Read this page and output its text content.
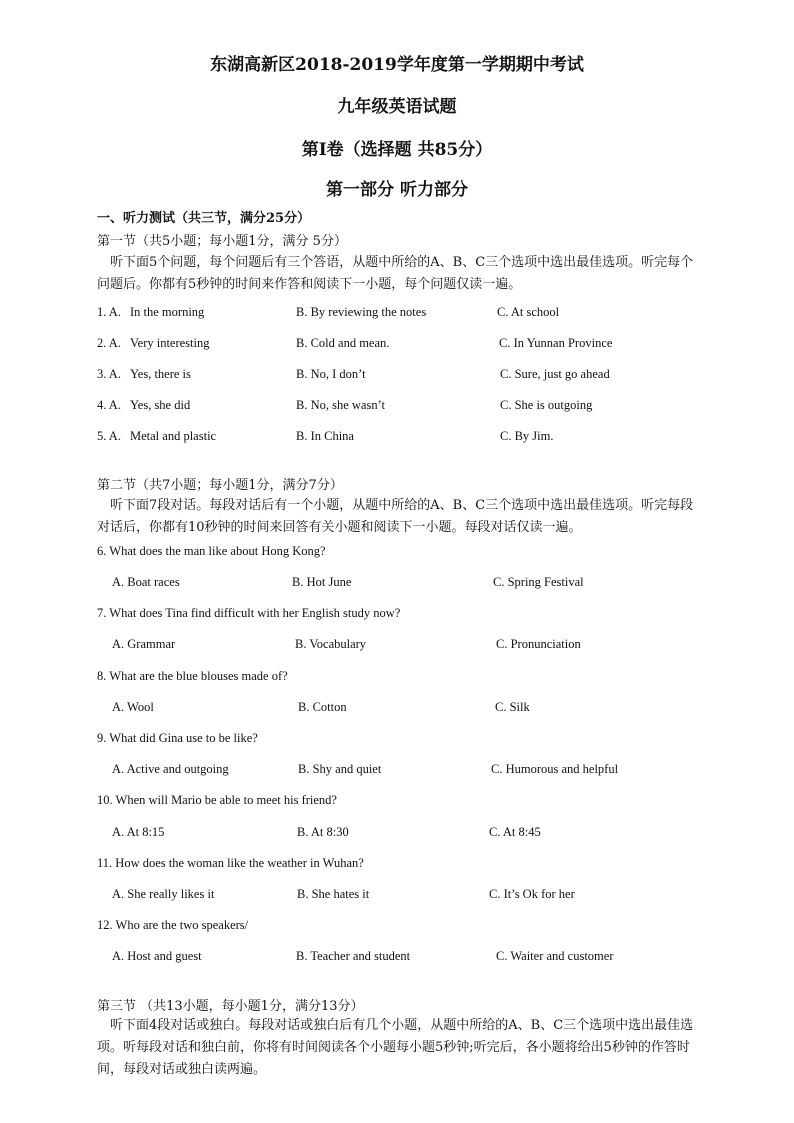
东湖高新区2018-2019学年度第一学期期中考试
九年级英语试题
第Ⅰ卷（选择题 共85分）
第一部分 听力部分
一、听力测试（共三节，满分25分）
第一节（共5小题；每小题1分，满分 5分）
听下面5个问题，每个问题后有三个答语，从题中所给的A、B、C三个选项中选出最佳选项。听完每个问题后。你都有5秒钟的时间来作答和阅读下一小题，每个问题仅读一遍。
1. A. In the morning	B. By reviewing the notes	C. At school
2. A. Very interesting	B. Cold and mean.	C. In Yunnan Province
3. A. Yes, there is	B. No, I don’t	C. Sure, just go ahead
4. A. Yes, she did	B. No, she wasn’t	C. She is outgoing
5. A. Metal and plastic	B. In China	C. By Jim.
第二节（共7小题；每小题1分，满分7分）
听下面7段对话。每段对话后有一个小题，从题中所给的A、B、C三个选项中选出最佳选项。听完每段对话后，你都有10秒钟的时间来回答有关小题和阅读下一小题。每段对话仅读一遍。
6. What does the man like about Hong Kong?
A. Boat races	B. Hot June	C. Spring Festival
7. What does Tina find difficult with her English study now?
A. Grammar	B. Vocabulary	C. Pronunciation
8. What are the blue blouses made of?
A. Wool	B. Cotton	C. Silk
9. What did Gina use to be like?
A. Active and outgoing	B. Shy and quiet	C. Humorous and helpful
10. When will Mario be able to meet his friend?
A. At 8:15	B. At 8:30	C. At 8:45
11. How does the woman like the weather in Wuhan?
A. She really likes it	B. She hates it	C. It’s Ok for her
12. Who are the two speakers/
A. Host and guest	B. Teacher and student	C. Waiter and customer
第三节 （共13小题，每小题1分，满分13分）
听下面4段对话或独白。每段对话或独白后有几个小题，从题中所给的A、B、C三个选项中选出最佳选项。听每段对话和独白前，你将有时间阅读各个小题每小题5秒钟;听完后，各小题将给出5秒钟的作答时间，每段对话或独白读两遍。
